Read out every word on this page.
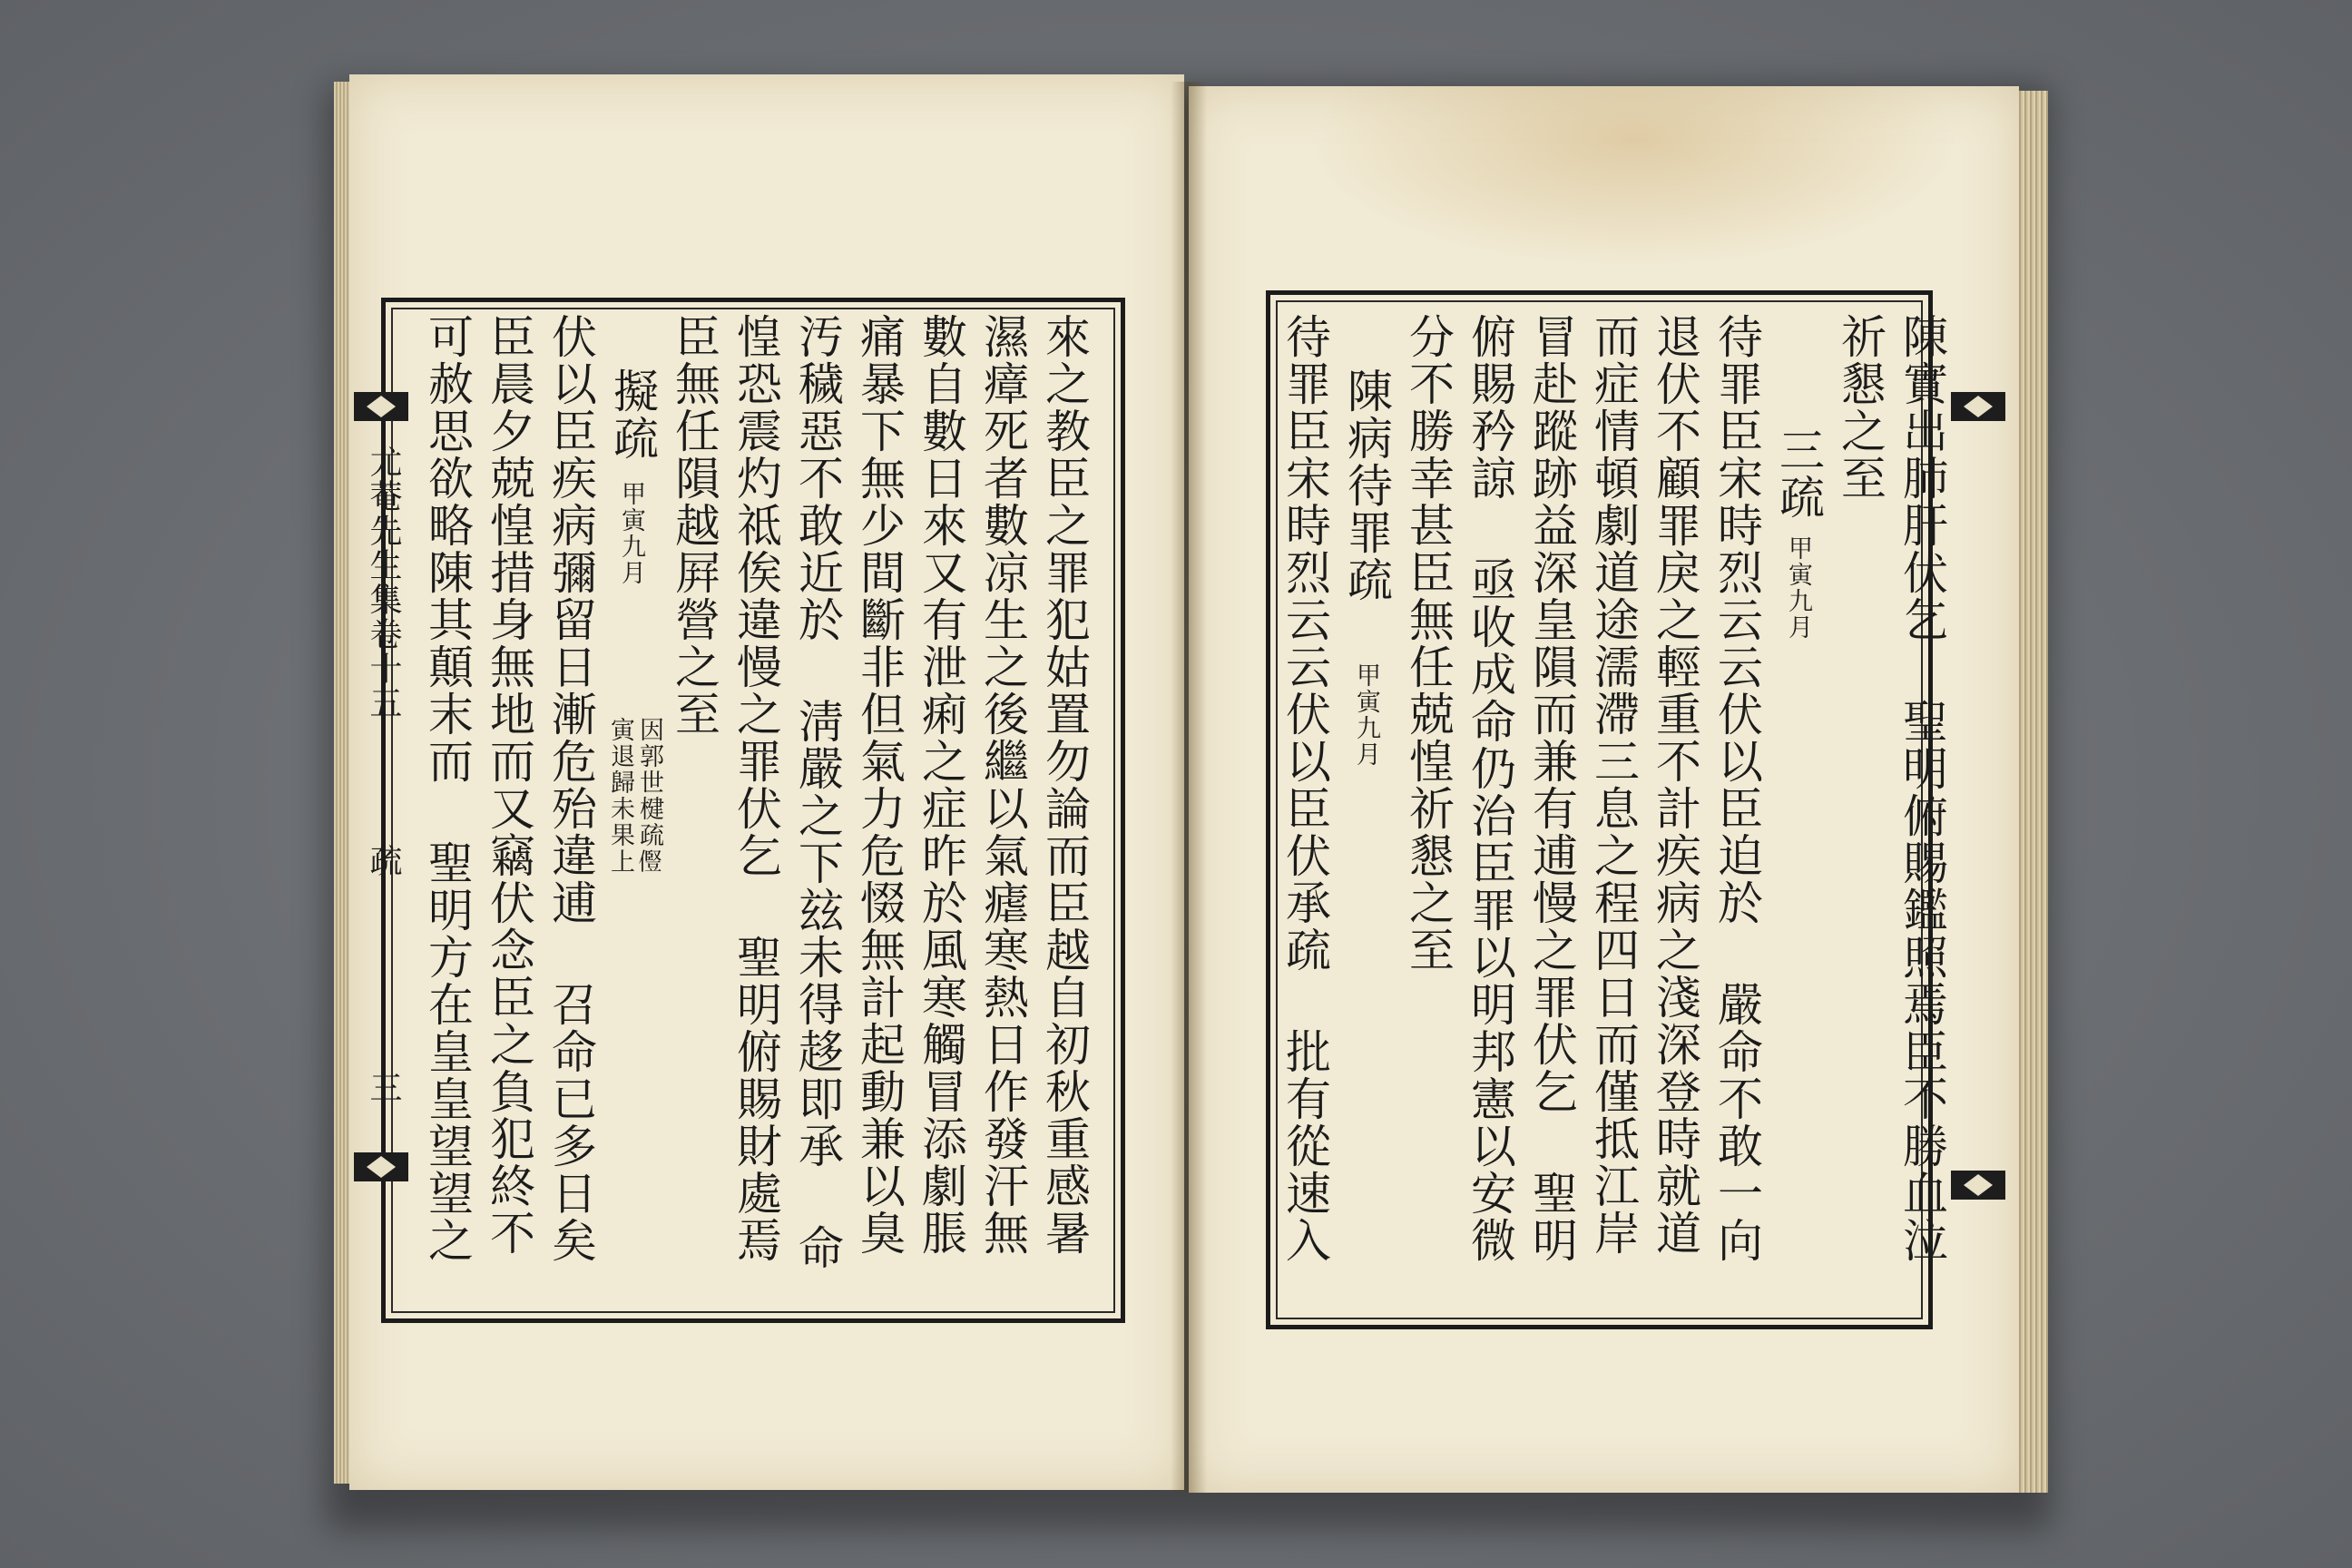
尤菴先生集卷十五
疏
三 可赦思欲略陳其顛末而 聖明方在皇皇望望之 臣晨夕兢惶措身無地而又竊伏念臣之負犯終不 伏以臣疾病彌留日漸危殆違逋 召命已多日矣 擬疏
甲寅九月
因郭世楗疏𠐊
寅退歸未果上
臣無任隕越屛營之至 惶恐震灼祗俟違慢之罪伏乞 聖明俯賜財處焉 汚穢惡不敢近於 淸嚴之下玆未得趍即承 命 痛暴下無少間斷非但氣力危惙無計起動兼以臭 數自數日來又有泄痢之症昨於風寒觸冒添劇脹 濕瘴死者數凉生之後繼以氣瘧寒熱日作發汗無 來之教臣之罪犯姑置勿論而臣越自初秋重感暑	待罪臣宋時烈云云伏以臣伏承疏 批有從速入 陳病待罪疏
甲寅九月 分不勝幸甚臣無任兢惶祈懇之至 俯賜矜諒 亟收成命仍治臣罪以明邦憲以安微 冒赴蹤跡益深皇隕而兼有逋慢之罪伏乞 聖明 而症情頓劇道途濡滯三息之程四日而僅抵江岸 退伏不顧罪戾之輕重不計疾病之淺深登時就道 待罪臣宋時烈云云伏以臣迫於 嚴命不敢一向 三疏
甲寅九月
祈懇之至 陳實出肺肝伏乞 聖明俯賜鑑照焉臣不勝血泣
